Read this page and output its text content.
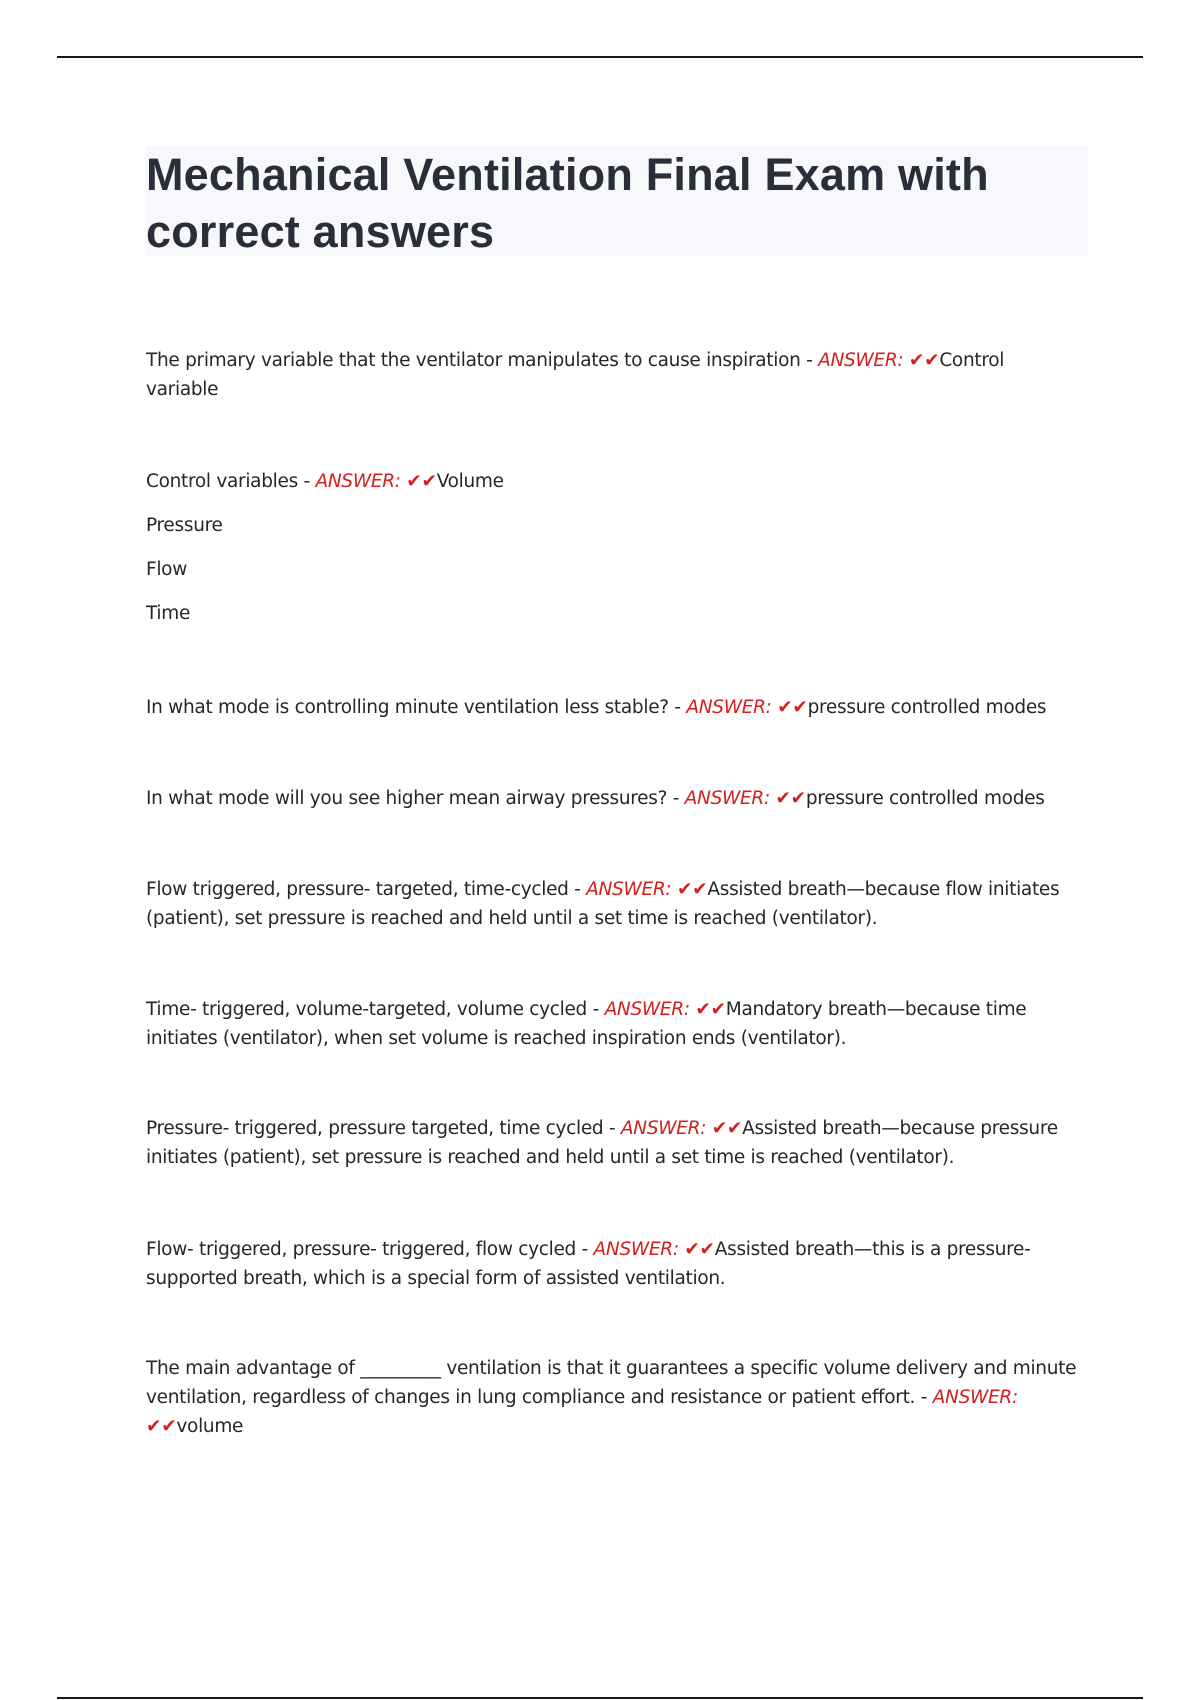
Mechanical Ventilation Final Exam with
correct answers
The primary variable that the ventilator manipulates to cause inspiration - ANSWER: ✔✔Control
variable
Control variables - ANSWER: ✔✔Volume
Pressure
Flow
Time
In what mode is controlling minute ventilation less stable? - ANSWER: ✔✔pressure controlled modes
In what mode will you see higher mean airway pressures? - ANSWER: ✔✔pressure controlled modes
Flow triggered, pressure- targeted, time-cycled - ANSWER: ✔✔Assisted breath—because flow initiates
(patient), set pressure is reached and held until a set time is reached (ventilator).
Time- triggered, volume-targeted, volume cycled - ANSWER: ✔✔Mandatory breath—because time
initiates (ventilator), when set volume is reached inspiration ends (ventilator).
Pressure- triggered, pressure targeted, time cycled - ANSWER: ✔✔Assisted breath—because pressure
initiates (patient), set pressure is reached and held until a set time is reached (ventilator).
Flow- triggered, pressure- triggered, flow cycled - ANSWER: ✔✔Assisted breath—this is a pressure-
supported breath, which is a special form of assisted ventilation.
The main advantage of _________ ventilation is that it guarantees a specific volume delivery and minute
ventilation, regardless of changes in lung compliance and resistance or patient effort. - ANSWER:
✔✔volume
